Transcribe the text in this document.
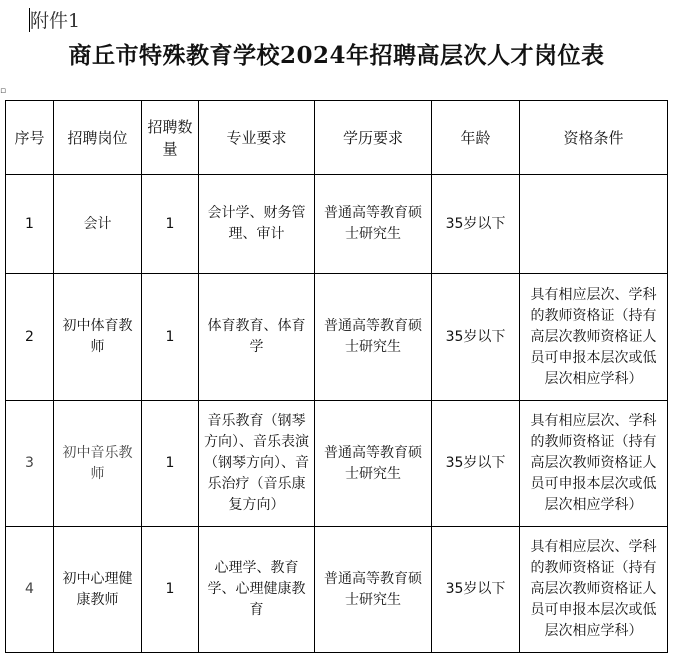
附件1
商丘市特殊教育学校2024年招聘高层次人才岗位表
▫
序号	招聘岗位	招聘数量	专业要求	学历要求	年龄	资格条件
1	会计	1	会计学、财务管理、审计	普通高等教育硕士研究生	35岁以下	
2	初中体育教师	1	体育教育、体育学	普通高等教育硕士研究生	35岁以下	具有相应层次、学科的教师资格证（持有高层次教师资格证人员可申报本层次或低层次相应学科）
3	初中音乐教师	1	音乐教育（钢琴方向）、音乐表演（钢琴方向）、音乐治疗（音乐康复方向）	普通高等教育硕士研究生	35岁以下	具有相应层次、学科的教师资格证（持有高层次教师资格证人员可申报本层次或低层次相应学科）
4	初中心理健康教师	1	心理学、教育学、心理健康教育	普通高等教育硕士研究生	35岁以下	具有相应层次、学科的教师资格证（持有高层次教师资格证人员可申报本层次或低层次相应学科）
